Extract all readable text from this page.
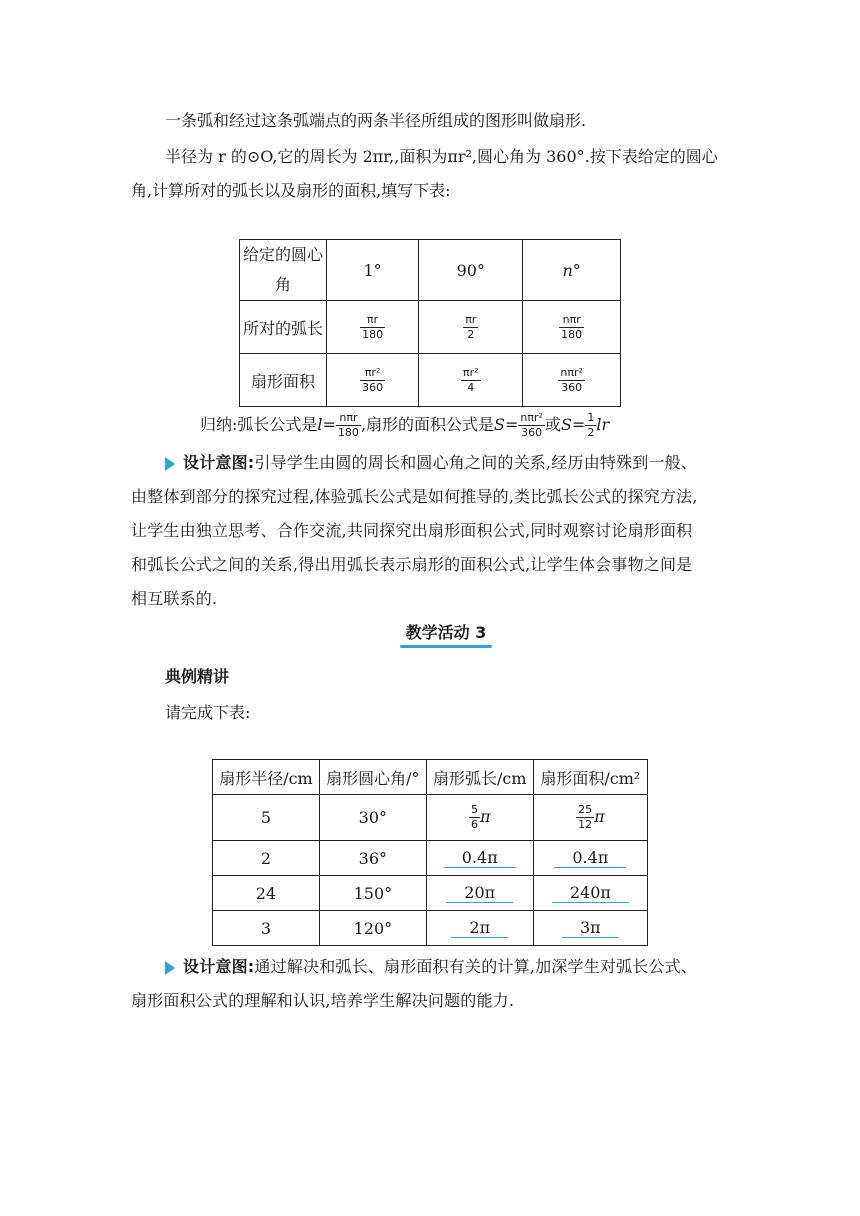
一条弧和经过这条弧端点的两条半径所组成的图形叫做扇形.

半径为 r 的⊙O,它的周长为 2πr,,面积为πr²,圆心角为 360°.按下表给定的圆心

角,计算所对的弧长以及扇形的面积,填写下表:

给定的圆心角	1°	90°	n°
所对的弧长	$\frac{\pi r}{180}$	$\frac{\pi r}{2}$	$\frac{\text{nπr}}{180}$

扇形面积	$\frac{\text{πr²}}{360}$	$\frac{\text{πr²}}{4}$	$\frac{\text{nπr²}}{360}$

归纳:弧长公式是$l= \frac{\text{nπr}}{180}$ ,扇形的面积公式是$S= \frac{\text{nπr²}}{360}$ 或$S= \frac{1}{2}$ lr

设计意图:引导学生由圆的周长和圆心角之间的关系,经历由特殊到一般、

由整体到部分的探究过程,体验弧长公式是如何推导的,类比弧长公式的探究方法,

让学生由独立思考、合作交流,共同探究出扇形面积公式,同时观察讨论扇形面积

和弧长公式之间的关系,得出用弧长表示扇形的面积公式,让学生体会事物之间是

相互联系的.

教学活动 3
典例精讲

请完成下表:

扇形半径/cm	扇形圆心角/°	扇形弧长/cm	扇形面积/cm²
5	30°	$\frac{5}{6}$ π	$\frac{25}{12}$ π
2	36°	0.4π	0.4π
24	150°	20π	240π
3	120°	2π	3π
设计意图:通过解决和弧长、扇形面积有关的计算,加深学生对弧长公式、

扇形面积公式的理解和认识,培养学生解决问题的能力.
